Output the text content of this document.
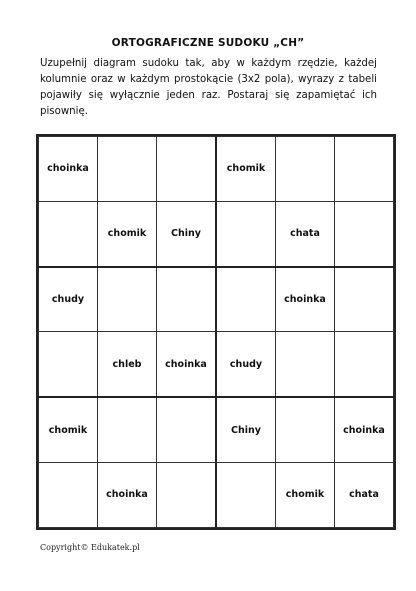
ORTOGRAFICZNE SUDOKU „CH”
Uzupełnij diagram sudoku tak, aby w każdym rzędzie, każdej kolumnie oraz w każdym prostokącie (3x2 pola), wyrazy z tabeli pojawiły się wyłącznie jeden raz. Postaraj się zapamiętać ich pisownię.
choinka			chomik		
	chomik	Chiny		chata	
chudy				choinka	
	chleb	choinka	chudy		
chomik			Chiny		choinka
	choinka			chomik	chata
Copyright© Edukatek.pl
